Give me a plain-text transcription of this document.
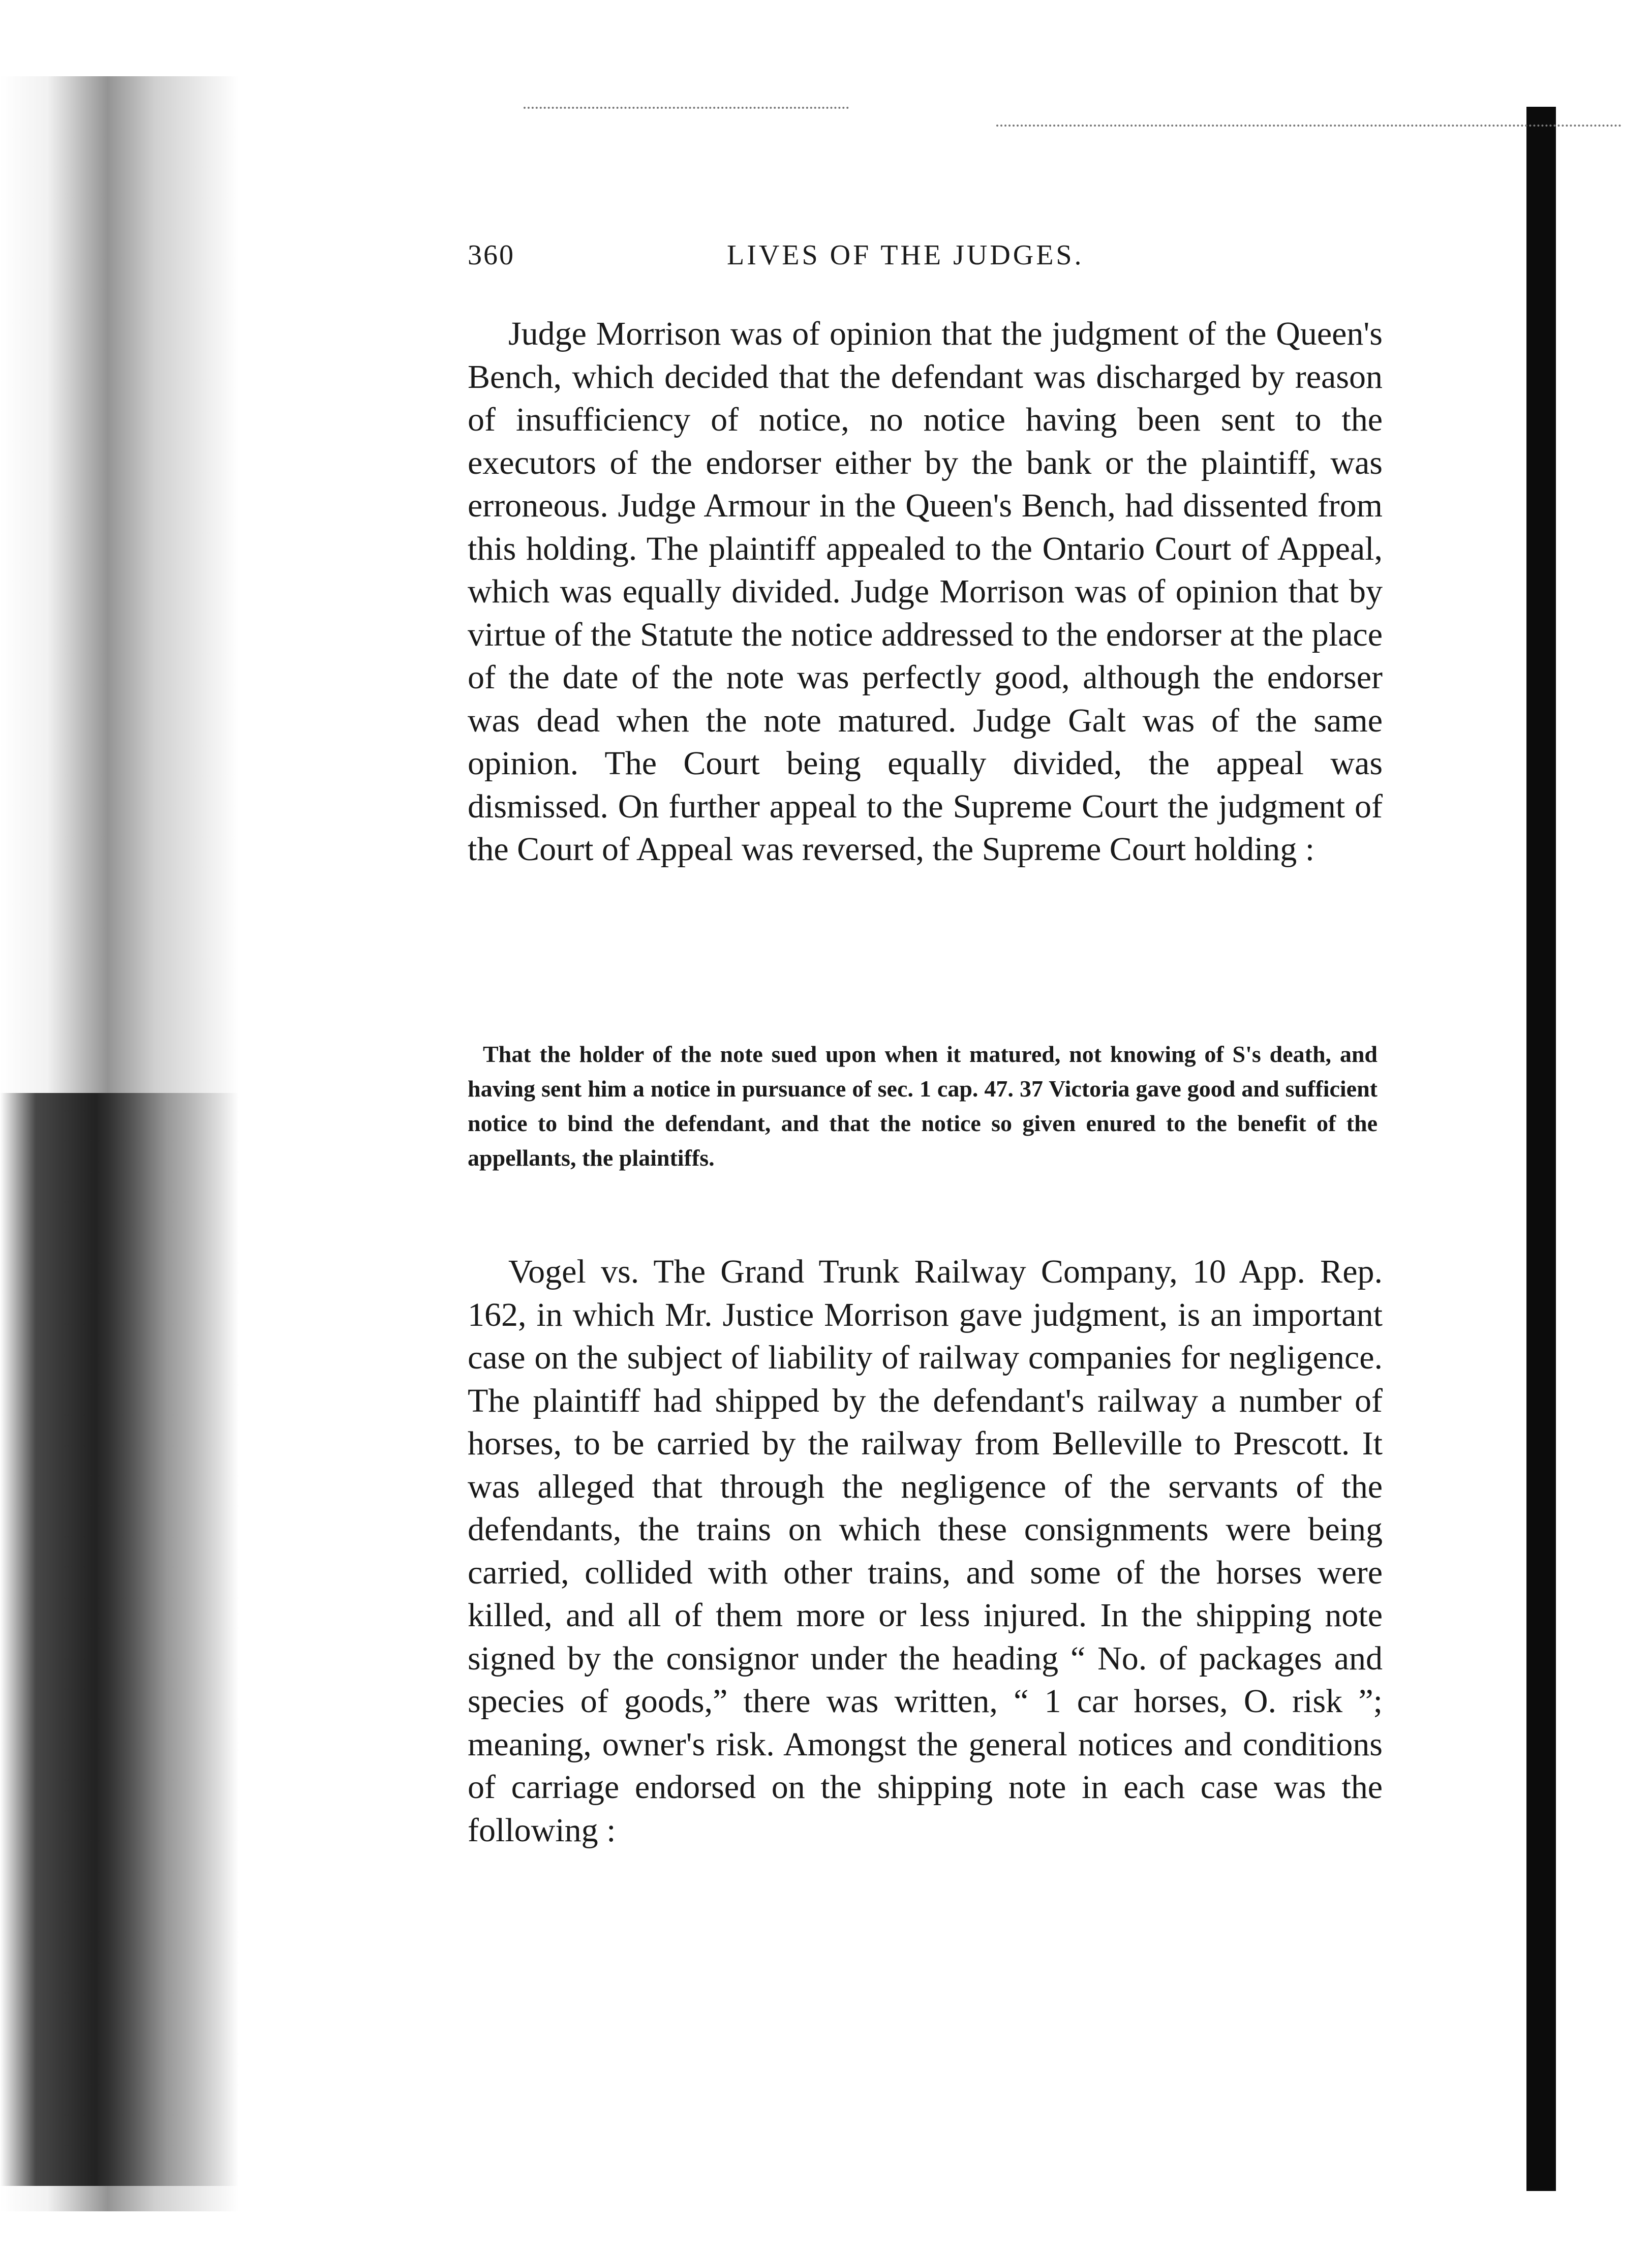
360	LIVES OF THE JUDGES.

Judge Morrison was of opinion that the judgment of the Queen's Bench, which decided that the defendant was discharged by reason of insufficiency of notice, no notice having been sent to the executors of the endorser either by the bank or the plaintiff, was erroneous. Judge Armour in the Queen's Bench, had dissented from this holding. The plaintiff appealed to the Ontario Court of Appeal, which was equally divided. Judge Morrison was of opinion that by virtue of the Statute the notice addressed to the endorser at the place of the date of the note was perfectly good, although the endorser was dead when the note matured. Judge Galt was of the same opinion. The Court being equally divided, the appeal was dismissed. On further appeal to the Supreme Court the judgment of the Court of Appeal was reversed, the Supreme Court holding :

That the holder of the note sued upon when it matured, not knowing of S's death, and having sent him a notice in pursuance of sec. 1 cap. 47. 37 Victoria gave good and sufficient notice to bind the defendant, and that the notice so given enured to the benefit of the appellants, the plaintiffs.

Vogel vs. The Grand Trunk Railway Company, 10 App. Rep. 162, in which Mr. Justice Morrison gave judgment, is an important case on the subject of liability of railway companies for negligence. The plaintiff had shipped by the defendant's railway a number of horses, to be carried by the railway from Belleville to Prescott. It was alleged that through the negligence of the servants of the defendants, the trains on which these consignments were being carried, collided with other trains, and some of the horses were killed, and all of them more or less injured. In the shipping note signed by the consignor under the heading “ No. of packages and species of goods,” there was written, “ 1 car horses, O. risk ”; meaning, owner's risk. Amongst the general notices and conditions of carriage endorsed on the shipping note in each case was the following :
